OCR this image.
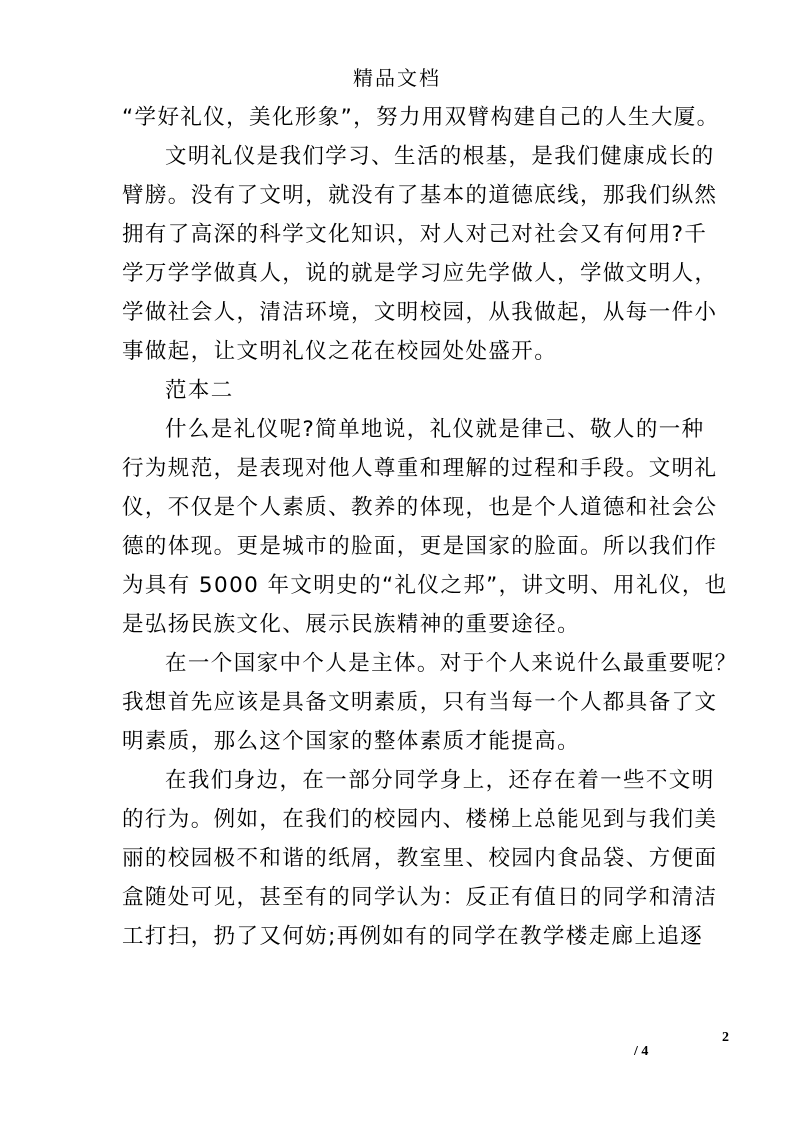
精品文档
“学好礼仪，美化形象”，努力用双臂构建自己的人生大厦。
文明礼仪是我们学习、生活的根基，是我们健康成长的
臂膀。没有了文明，就没有了基本的道德底线，那我们纵然
拥有了高深的科学文化知识，对人对己对社会又有何用?千
学万学学做真人，说的就是学习应先学做人，学做文明人，
学做社会人，清洁环境，文明校园，从我做起，从每一件小
事做起，让文明礼仪之花在校园处处盛开。
范本二
什么是礼仪呢?简单地说，礼仪就是律己、敬人的一种
行为规范，是表现对他人尊重和理解的过程和手段。文明礼
仪，不仅是个人素质、教养的体现，也是个人道德和社会公
德的体现。更是城市的脸面，更是国家的脸面。所以我们作
为具有 5000 年文明史的“礼仪之邦”，讲文明、用礼仪，也
是弘扬民族文化、展示民族精神的重要途径。
在一个国家中个人是主体。对于个人来说什么最重要呢？
我想首先应该是具备文明素质，只有当每一个人都具备了文
明素质，那么这个国家的整体素质才能提高。
在我们身边，在一部分同学身上，还存在着一些不文明
的行为。例如，在我们的校园内、楼梯上总能见到与我们美
丽的校园极不和谐的纸屑，教室里、校园内食品袋、方便面
盒随处可见，甚至有的同学认为：反正有值日的同学和清洁
工打扫，扔了又何妨;再例如有的同学在教学楼走廊上追逐
2
/ 4
